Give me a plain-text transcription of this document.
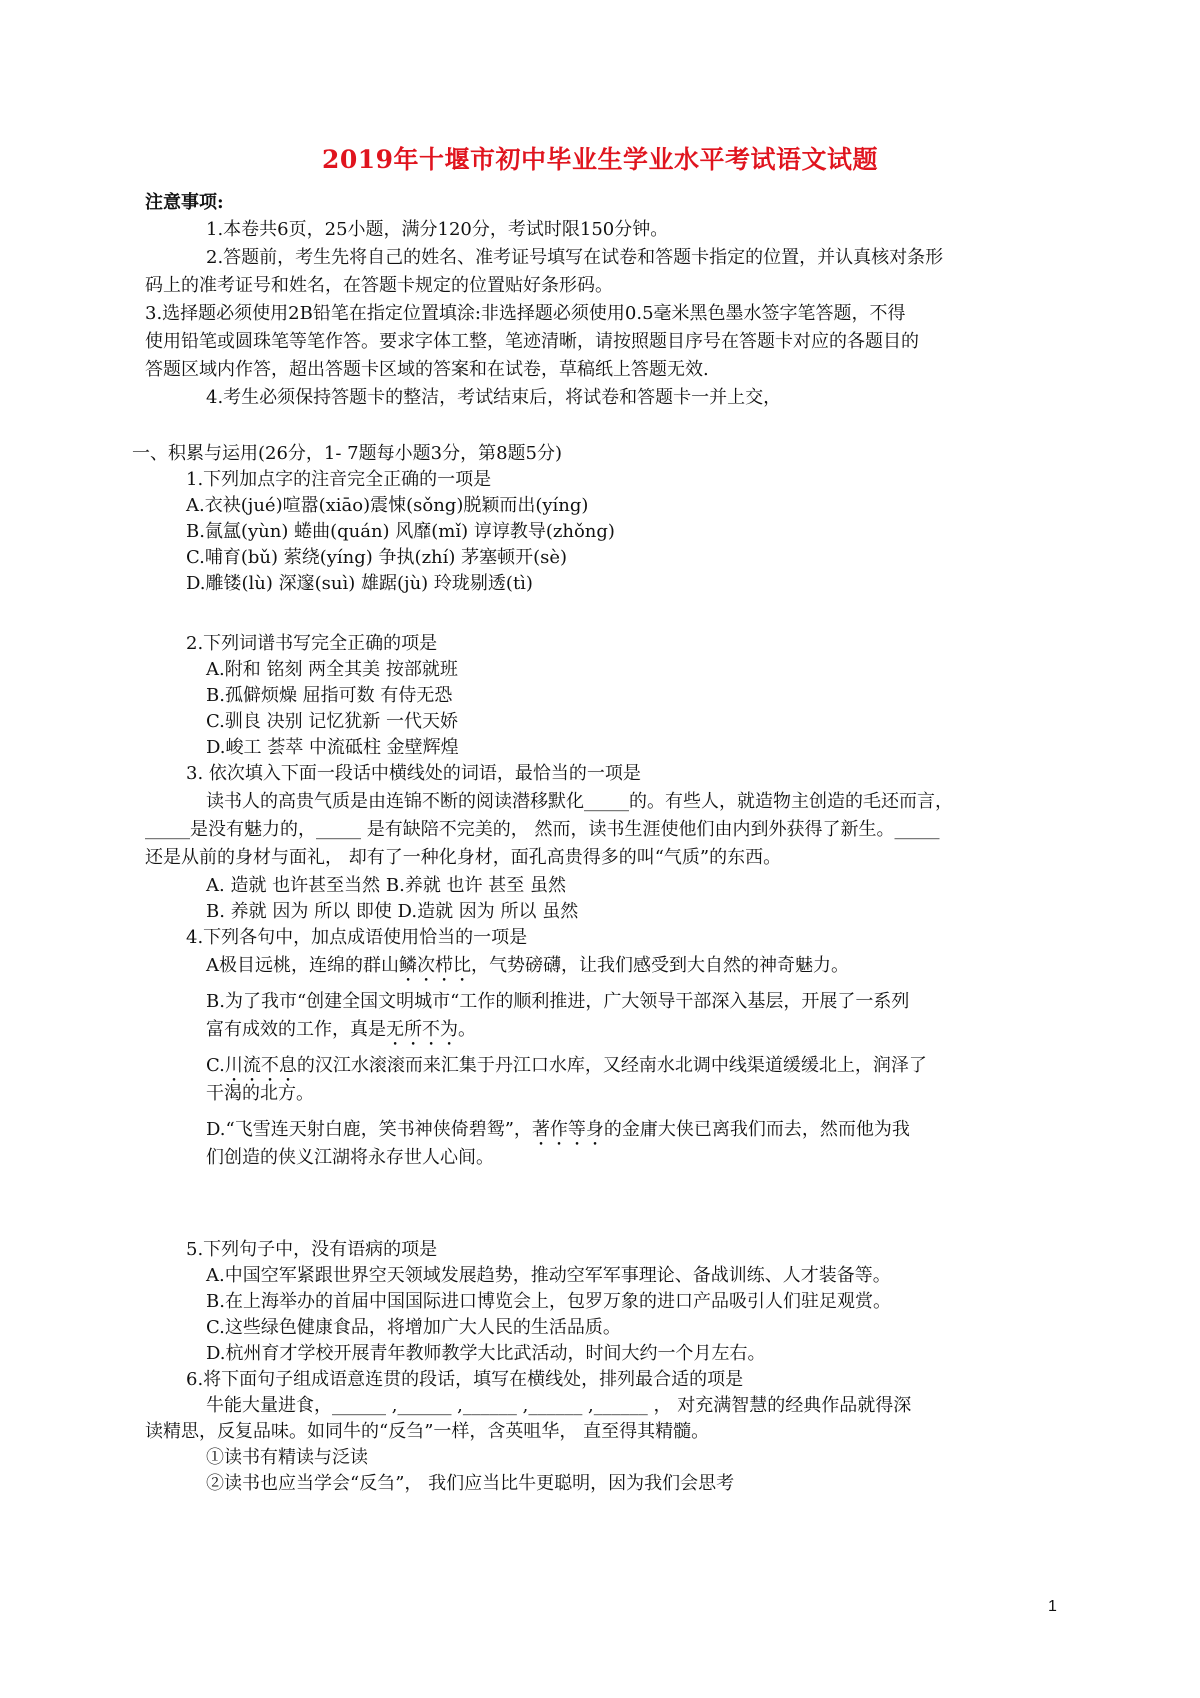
2019年十堰市初中毕业生学业水平考试语文试题
注意事项:
1.本卷共6页，25小题，满分120分，考试时限150分钟。
2.答题前，考生先将自己的姓名、准考证号填写在试卷和答题卡指定的位置，并认真核对条形
码上的准考证号和姓名，在答题卡规定的位置贴好条形码。
3.选择题必须使用2B铅笔在指定位置填涂:非选择题必须使用0.5毫米黑色墨水签字笔答题，不得
使用铅笔或圆珠笔等笔作答。要求字体工整，笔迹清晰，请按照题目序号在答题卡对应的各题目的
答题区域内作答，超出答题卡区域的答案和在试卷，草稿纸上答题无效.
4.考生必须保持答题卡的整洁，考试结束后，将试卷和答题卡一并上交，
一、积累与运用(26分，1- 7题每小题3分，第8题5分)
1.下列加点字的注音完全正确的一项是
A.衣袂(jué)喧嚣(xiāo)震悚(sǒng)脱颖而出(yíng)
B.氤氲(yùn) 蜷曲(quán) 风靡(mǐ) 谆谆教导(zhǒng)
C.哺育(bǔ) 萦绕(yíng) 争执(zhí) 茅塞顿开(sè)
D.雕镂(lù) 深邃(suì) 雄踞(jù) 玲珑剔透(tì)
2.下列词谱书写完全正确的项是
A.附和 铭刻 两全其美 按部就班
B.孤僻烦燥 屈指可数 有侍无恐
C.驯良 决别 记忆犹新 一代天娇
D.峻工 荟萃 中流砥柱 金壁辉煌
3. 依次填入下面一段话中横线处的词语，最恰当的一项是
读书人的高贵气质是由连锦不断的阅读潜移默化_____的。有些人，就造物主创造的毛还而言，
_____是没有魅力的，_____ 是有缺陪不完美的， 然而，读书生涯使他们由内到外获得了新生。_____
还是从前的身材与面礼， 却有了一种化身材，面孔高贵得多的叫“气质”的东西。
A. 造就 也许甚至当然 B.养就 也许 甚至 虽然
B. 养就 因为 所以 即使 D.造就 因为 所以 虽然
4.下列各句中，加点成语使用恰当的一项是
A极目远桃，连绵的群山鳞次栉比，气势磅礴，让我们感受到大自然的神奇魅力。
B.为了我市“创建全国文明城市“工作的顺利推进，广大领导干部深入基层，开展了一系列
富有成效的工作，真是无所不为。
C.川流不息的汉江水滚滚而来汇集于丹江口水库，又经南水北调中线渠道缓缓北上，润泽了
干渴的北方。
D.“飞雪连天射白鹿，笑书神侠倚碧鸳”，著作等身的金庸大侠已离我们而去，然而他为我
们创造的侠义江湖将永存世人心间。
5.下列句子中，没有语病的项是
A.中国空军紧跟世界空天领域发展趋势，推动空军军事理论、备战训练、人才装备等。
B.在上海举办的首届中国国际进口博览会上，包罗万象的进口产品吸引人们驻足观赏。
C.这些绿色健康食品，将增加广大人民的生活品质。
D.杭州育才学校开展青年教师教学大比武活动，时间大约一个月左右。
6.将下面句子组成语意连贯的段话，填写在横线处，排列最合适的项是
牛能大量进食，______ ,______ ,______ ,______ ,______ ， 对充满智慧的经典作品就得深
读精思，反复品味。如同牛的“反刍”一样，含英咀华， 直至得其精髓。
①读书有精读与泛读
②读书也应当学会“反刍”， 我们应当比牛更聪明，因为我们会思考
1
